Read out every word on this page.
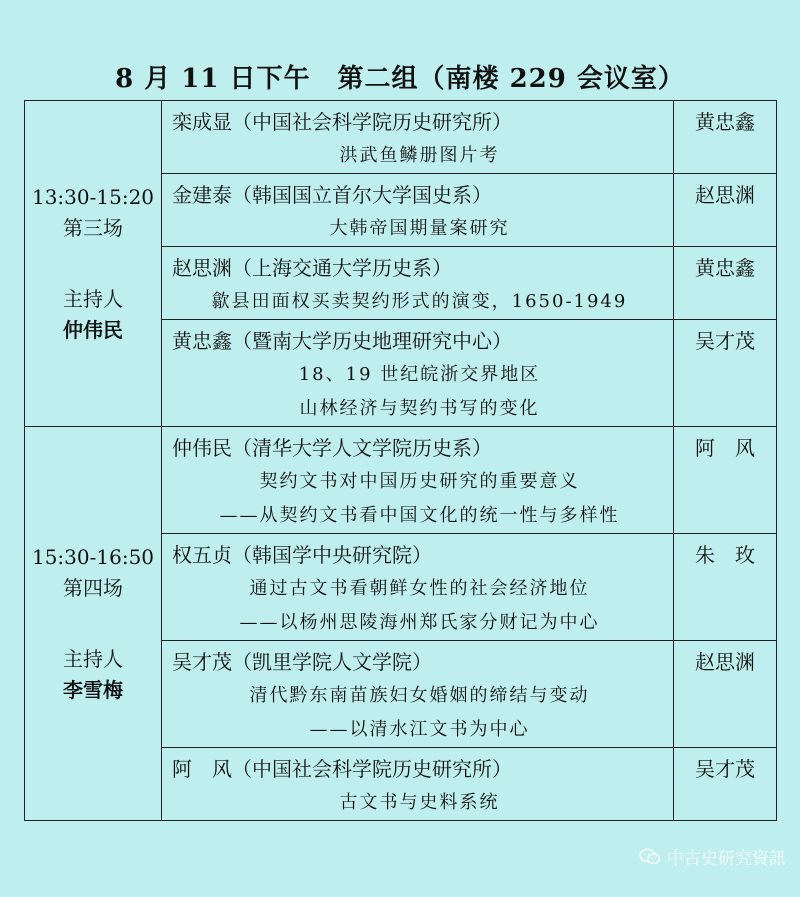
8 月 11 日下午　第二组（南楼 229 会议室）
13:30-15:20
第三场
主持人
仲伟民	栾成显（中国社会科学院历史研究所）
洪武鱼鳞册图片考	黄忠鑫

	金建泰（韩国国立首尔大学国史系）
大韩帝国期量案研究	赵思渊

	赵思渊（上海交通大学历史系）
歙县田面权买卖契约形式的演变，1650-1949	黄忠鑫

	黄忠鑫（暨南大学历史地理研究中心）
18、19 世纪皖浙交界地区
山林经济与契约书写的变化	吴才茂

15:30-16:50
第四场
主持人
李雪梅	仲伟民（清华大学人文学院历史系）
契约文书对中国历史研究的重要意义
——从契约文书看中国文化的统一性与多样性	阿　风

	权五贞（韩国学中央研究院）
通过古文书看朝鲜女性的社会经济地位
——以杨州思陵海州郑氏家分财记为中心	朱　玫

	吴才茂（凯里学院人文学院）
清代黔东南苗族妇女婚姻的缔结与变动
——以清水江文书为中心	赵思渊

	阿　风（中国社会科学院历史研究所）
古文书与史料系统	吴才茂
中古史研究資訊
